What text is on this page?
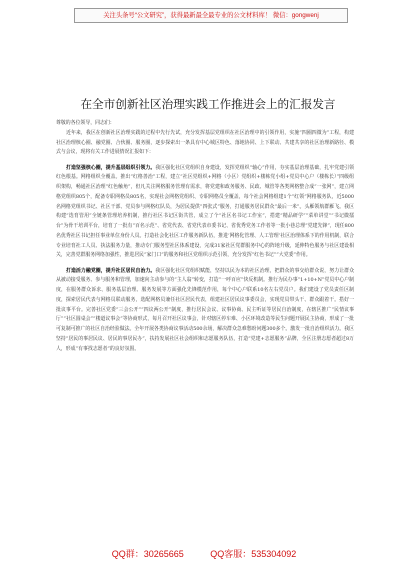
关注头条号“公文研究”，获得最新最全最专业的公文材料库！ 微信：gongwenj
在全市创新社区治理实践工作推进会上的汇报发言

尊敬的各位领导，同志们：

近年来，我区在创新社区治理实践的过程中先行先试，充分发挥基层党组织在社区治理中的引领作用，实施“四圈四微为”工程，构建社区治理核心圈、融党圈、合伙圈、服务圈，逐步探索出一条具有中心城区特色、落地协同、上下联动、共建共享的社区治理新路径、模式与会议，现将有关工作进展情况汇报如下：

打造坚强核心圈，提升基层组织引领力。我区强化社区党组织自身建设，发挥党组织“轴心”作用，夯实基层治理基础，扎牢党建引领红色根基。网格组织全覆盖。推出“红格善治”工程，建立“社区党组织+网格（小区）党组织+楼栋党小组+党员中心户（楼栋长）”四级组织架构，畅通社区治理“红色触角”，但凡关注网格服务管理有需求，将党建和政务服务、民政、城管等各类网格整合成“一张网”，建立网格党组织805个，配备专职网格员805名，实现社会网格党组织、专职网格员全覆盖，每个社会网格组建1个“红领”网格服务队，近5000名网格党组织书记、社区干部、党员参与网格红队员，为居民提供“四张式”服务，打通服务居民群众“最后一米”。头雁领航群雁飞。我区构建“选育管用”全链条管理培养机制，推行社区书记区街共管，成立了个“社区名书记工作室”，搭建“精品研学”“菜单讲堂”“书记微擂台”为骨干培训平台，培育了一批有“百名示范”、省党代表、省党代表市委书记、省优秀党务工作者等一批小巷总理“党建先锋”，现任800名优秀社区书记担任事业单位身份人员。打造社会化社区工作服务新队伍，推进‘网格化管理、人工管理’社区治理体系下的作用机制，联合专业培育社工人员、执法服务力量，推动专门服务型社区体系建设，完成31家社区党群服务中心的阵地升级，延伸特色服务与社区建设相关，完善党群服务网络加强性，推进居民“家门口”的服务和社区党组织示范引领，充分发挥“红色书记”“大党委”作用。

打造活力融党圈，提升社区居民自治力。我区强化社区党组织赋能，坚持以民为本的社区治理，把群众的事交给群众说，努力让群众从被动接受服务、参与服务和管理，加速向主动参与的“主人翁”转变，打造“一呼百应”快反机制。推行为民办事“1+10+N”党员中心户制度，在服务群众诉求、服务基层治理、服务发展等方面强化先锋模范作用，每个中心户联系10名左右党员户。我们建设了党员责任区制度，探索居民代表与网格员联动服务，选配网格员兼任社区居民代表，组建社区居民议事委员会，实现党员带头干、群众跟着干。搭好一批议事平台。完善社区党委“三会公开”“四议两公开”制度，推行居民会议、议事协商、民主听证等居民自治制度，在辖区推广“民情议事厅”“社区圆桌会”“楼道议事会”等协商形式，每月召开社区议事会，针对辖区停车难、小区环境改造等民生问题开展民主协商，形成了一批可复制可推广的社区自治经验做法。全年开展各类协商议事活动500余场，解决群众急难愁盼问题300多个。激发一批自治组织活力。我区坚持“居民的事居民议、居民的事居民办”，扶持发展社区社会组织和志愿服务队伍，打造“党建+志愿服务”品牌，全区注册志愿者超过8万人，形成“有事找志愿者”的良好氛围。

QQ群：30265665	QQ客服：535304092
